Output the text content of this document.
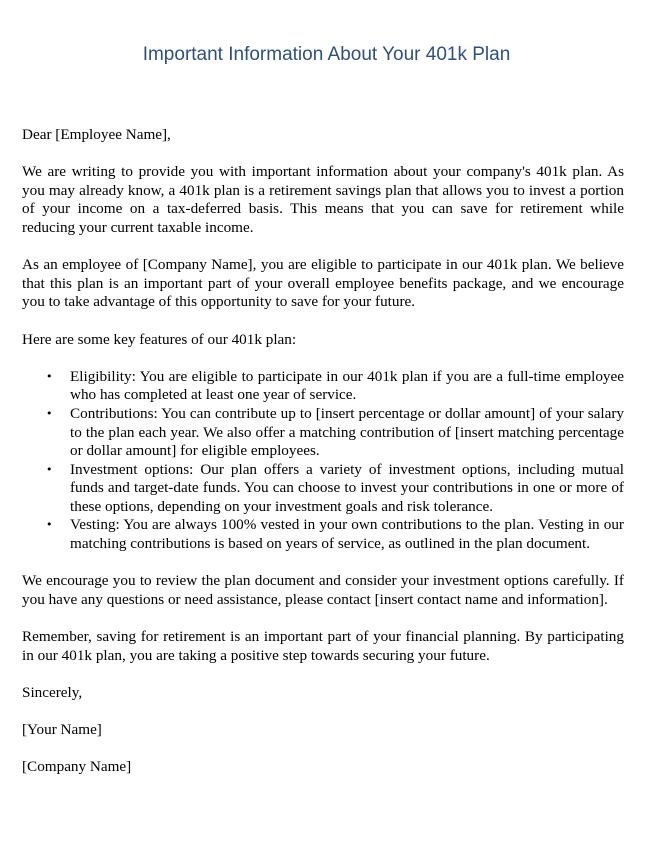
Important Information About Your 401k Plan

Dear [Employee Name],

We are writing to provide you with important information about your company's 401k plan. As you may already know, a 401k plan is a retirement savings plan that allows you to invest a portion of your income on a tax-deferred basis. This means that you can save for retirement while reducing your current taxable income.

As an employee of [Company Name], you are eligible to participate in our 401k plan. We believe that this plan is an important part of your overall employee benefits package, and we encourage you to take advantage of this opportunity to save for your future.

Here are some key features of our 401k plan:

• Eligibility: You are eligible to participate in our 401k plan if you are a full-time employee who has completed at least one year of service.
• Contributions: You can contribute up to [insert percentage or dollar amount] of your salary to the plan each year. We also offer a matching contribution of [insert matching percentage or dollar amount] for eligible employees.
• Investment options: Our plan offers a variety of investment options, including mutual funds and target-date funds. You can choose to invest your contributions in one or more of these options, depending on your investment goals and risk tolerance.
• Vesting: You are always 100% vested in your own contributions to the plan. Vesting in our matching contributions is based on years of service, as outlined in the plan document.

We encourage you to review the plan document and consider your investment options carefully. If you have any questions or need assistance, please contact [insert contact name and information].

Remember, saving for retirement is an important part of your financial planning. By participating in our 401k plan, you are taking a positive step towards securing your future.

Sincerely,

[Your Name]

[Company Name]
